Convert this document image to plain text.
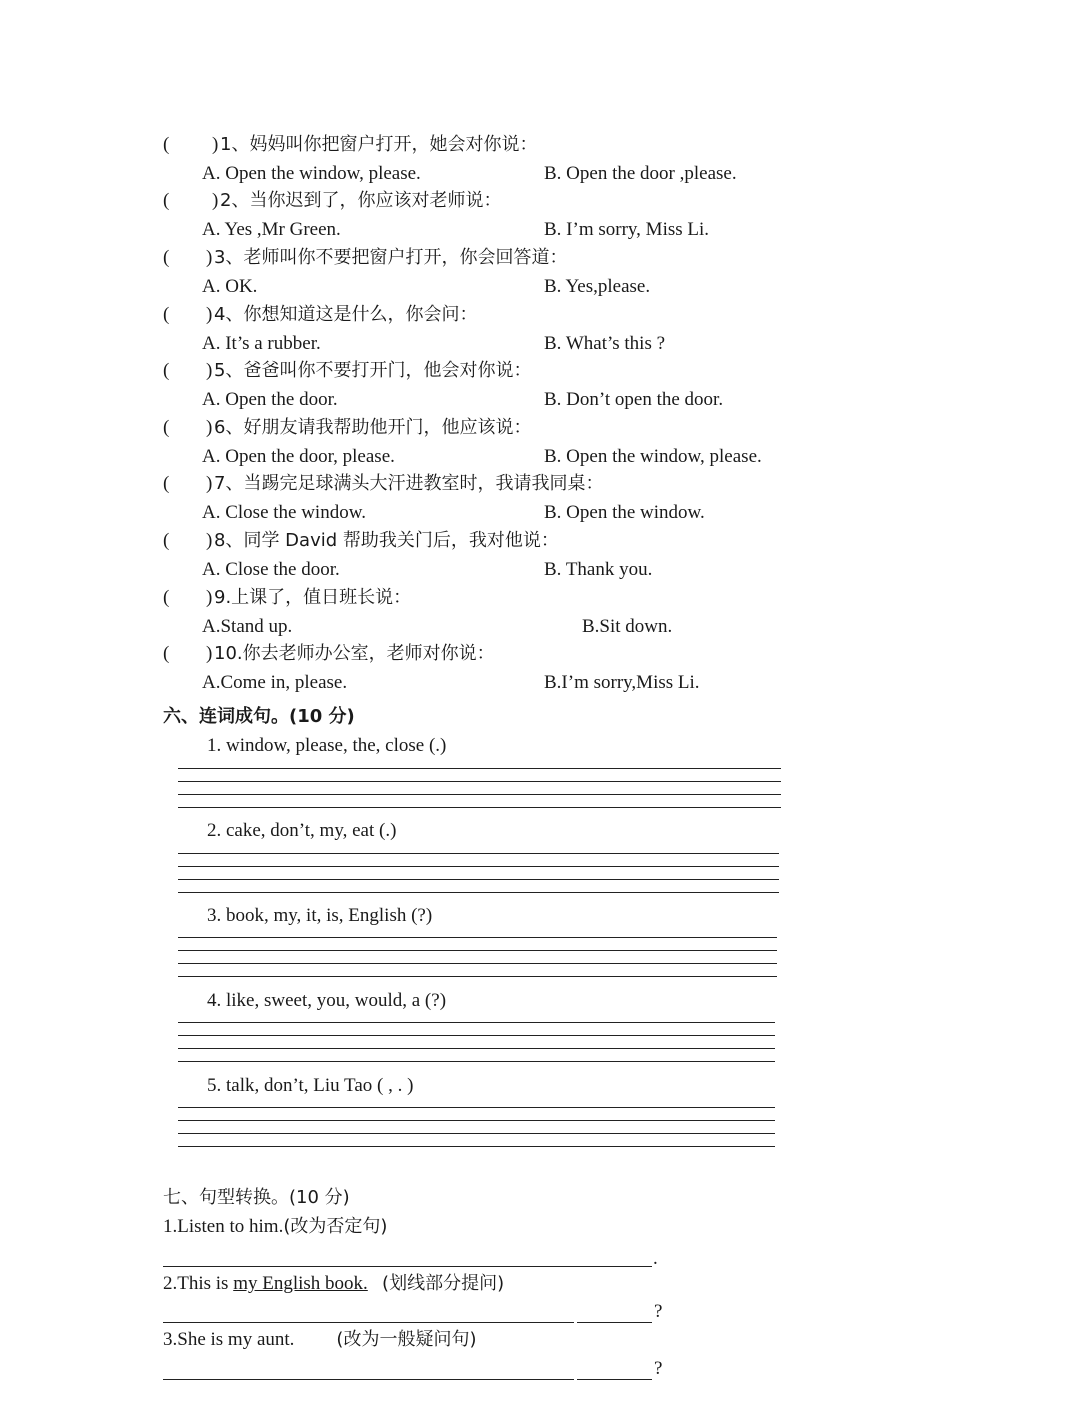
( ) 1、妈妈叫你把窗户打开，她会对你说：
A. Open the window, please.	B. Open the door ,please.
( ) 2、当你迟到了，你应该对老师说：
A. Yes ,Mr Green.	B. I’m sorry, Miss Li.
( ) 3、老师叫你不要把窗户打开，你会回答道：
A. OK.	B. Yes,please.
( ) 4、你想知道这是什么，你会问：
A. It’s a rubber.	B. What’s this ?
( ) 5、爸爸叫你不要打开门，他会对你说：
A. Open the door.	B. Don’t open the door.
( ) 6、好朋友请我帮助他开门，他应该说：
A. Open the door, please.	B. Open the window, please.
( ) 7、当踢完足球满头大汗进教室时，我请我同桌：
A. Close the window.	B. Open the window.
( ) 8、同学 David 帮助我关门后，我对他说：
A. Close the door.	B. Thank you.
( ) 9.上课了，值日班长说：
A.Stand up.	B.Sit down.
( ) 10.你去老师办公室，老师对你说：
A.Come in, please.	B.I’m sorry,Miss Li.
六、连词成句。(10 分)
1. window, please, the, close (.)
2. cake, don’t, my, eat (.)
3. book, my, it, is, English (?)
4. like, sweet, you, would, a (?)
5. talk, don’t, Liu Tao ( , . )
七、句型转换。(10 分)
1.Listen to him.(改为否定句)
.
2.This is my English book. (划线部分提问)
?
3.She is my aunt. (改为一般疑问句)
?
